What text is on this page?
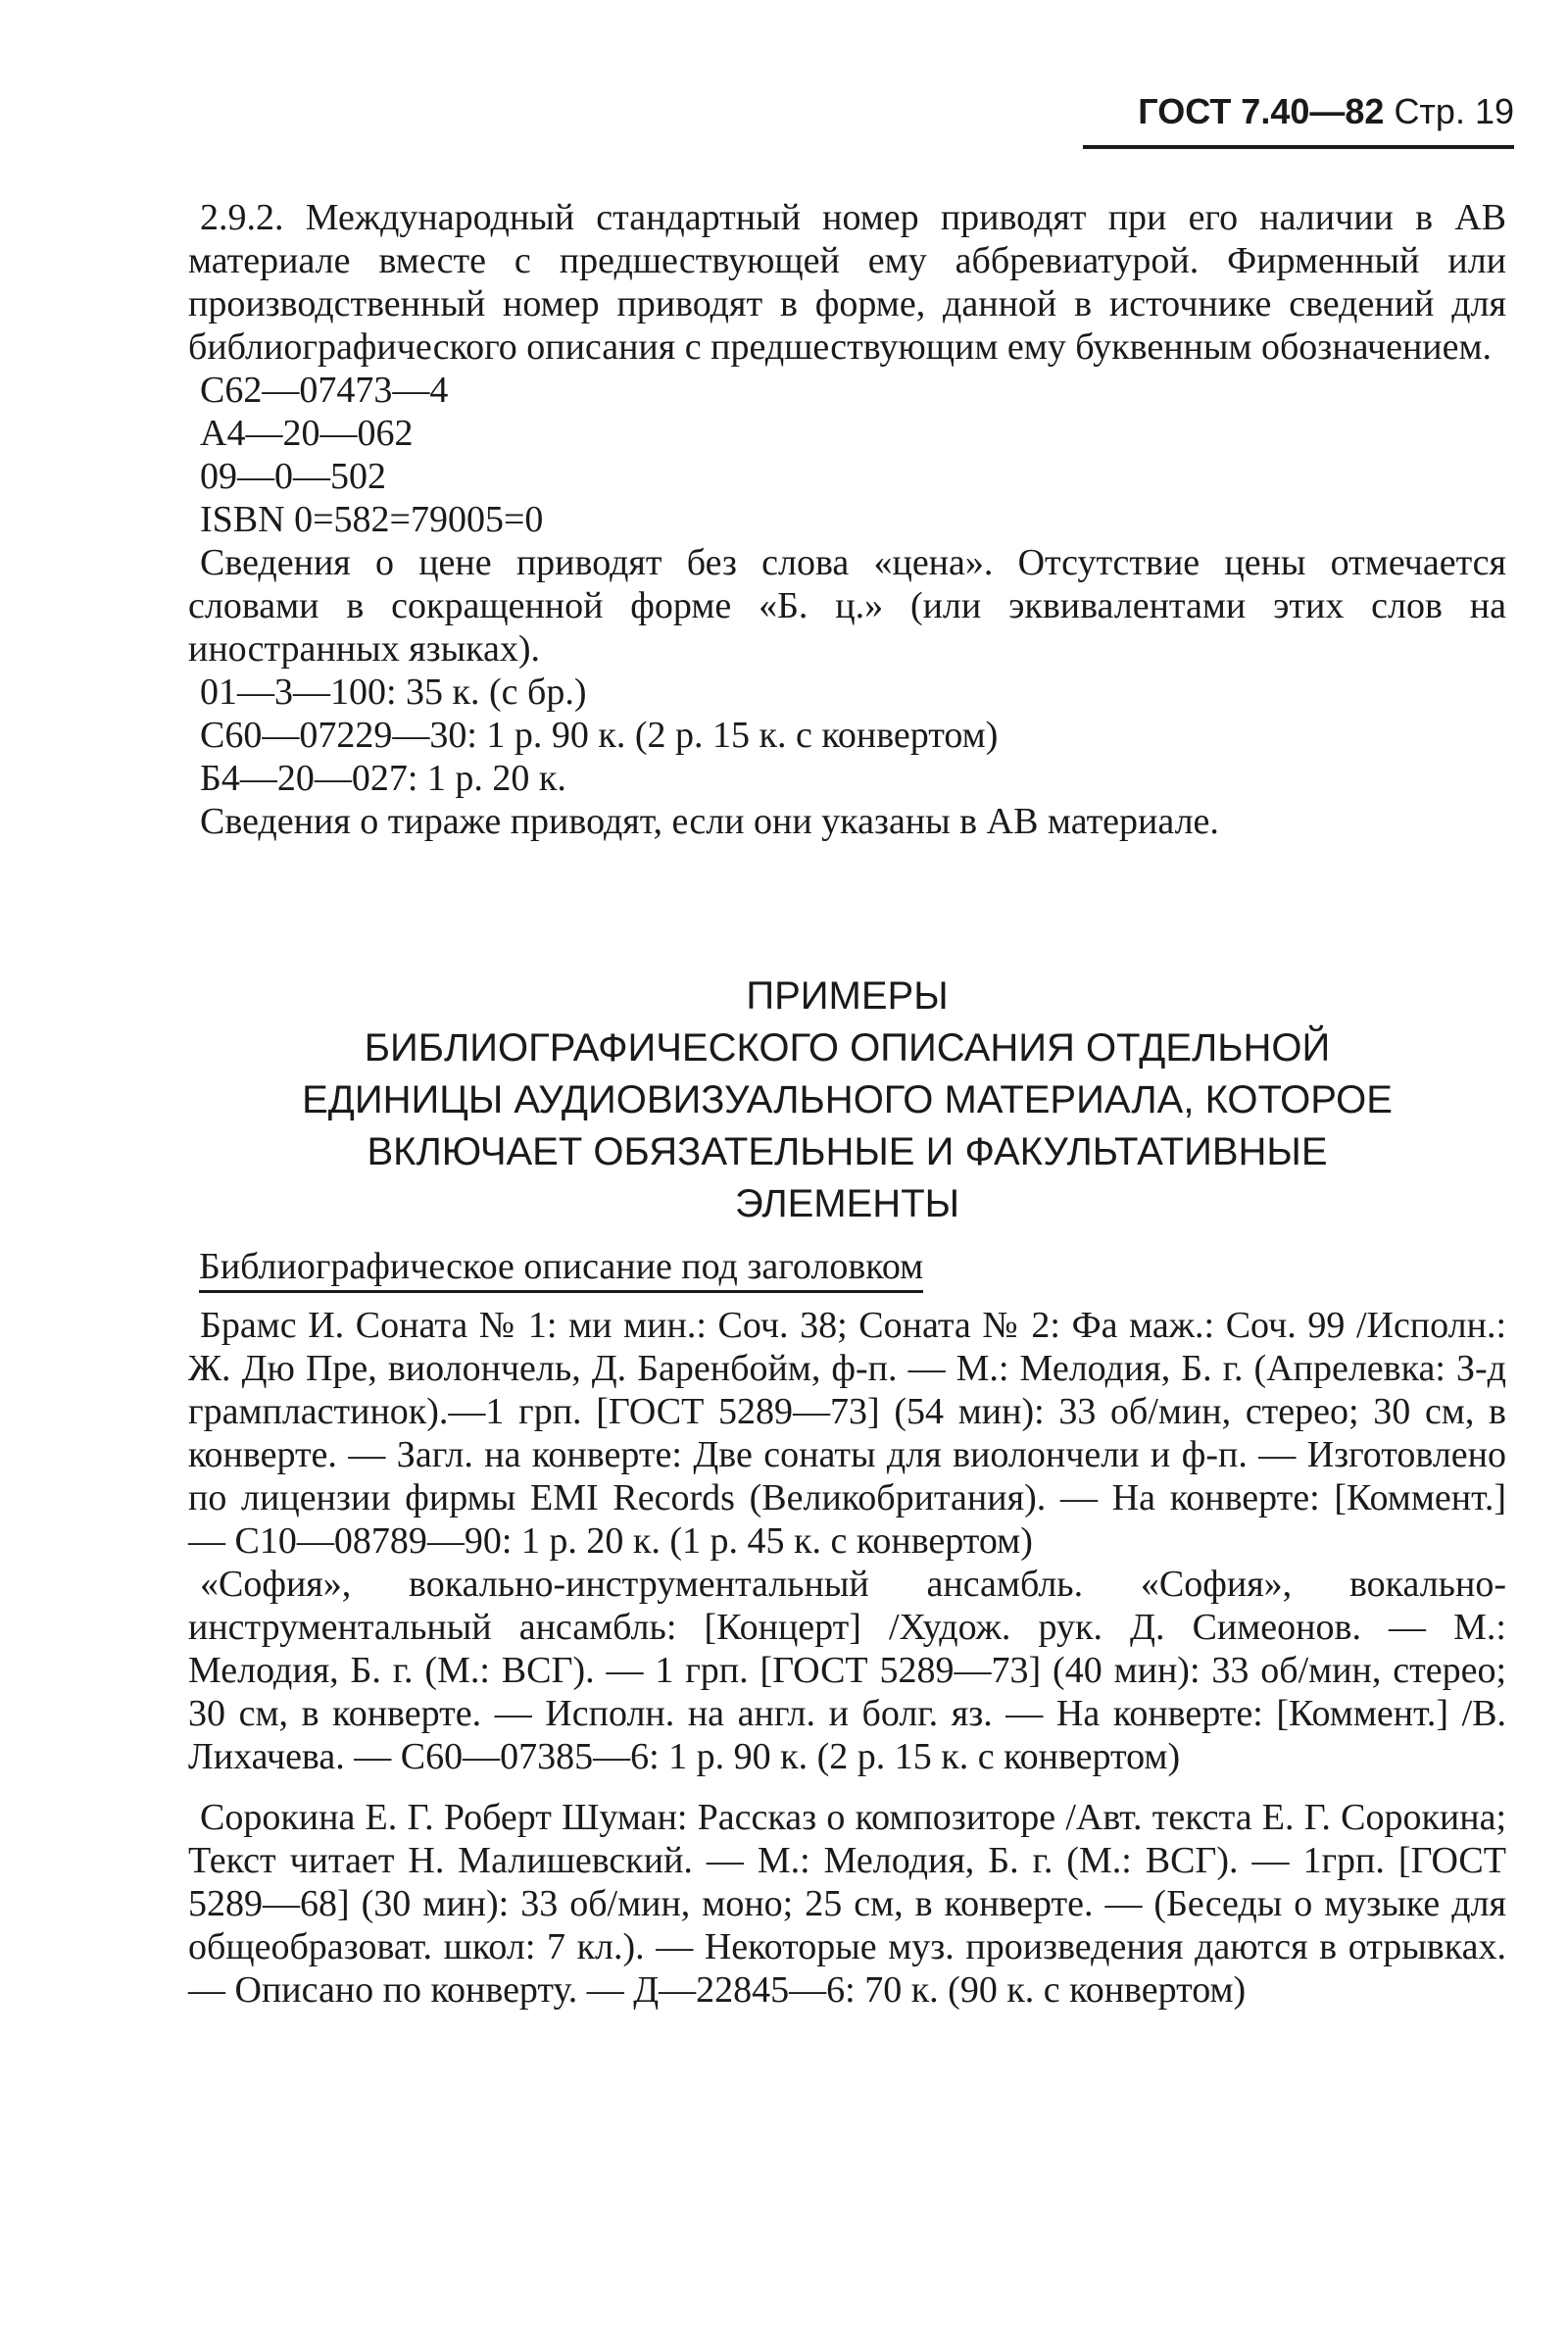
ГОСТ 7.40—82 Стр. 19

2.9.2. Международный стандартный номер приводят при его наличии в АВ материале вместе с предшествующей ему аббревиатурой. Фирменный или производственный номер приводят в форме, данной в источнике сведений для библиографического описания с предшествующим ему буквенным обозначением.

С62—07473—4

А4—20—062

09—0—502

ISBN 0=582=79005=0

Сведения о цене приводят без слова «цена». Отсутствие цены отмечается словами в сокращенной форме «Б. ц.» (или эквивалентами этих слов на иностранных языках).

01—3—100: 35 к. (с бр.)

С60—07229—30: 1 р. 90 к. (2 р. 15 к. с конвертом)

Б4—20—027: 1 р. 20 к.

Сведения о тираже приводят, если они указаны в АВ материале.

ПРИМЕРЫ
БИБЛИОГРАФИЧЕСКОГО ОПИСАНИЯ ОТДЕЛЬНОЙ
ЕДИНИЦЫ АУДИОВИЗУАЛЬНОГО МАТЕРИАЛА, КОТОРОЕ
ВКЛЮЧАЕТ ОБЯЗАТЕЛЬНЫЕ И ФАКУЛЬТАТИВНЫЕ
ЭЛЕМЕНТЫ
Библиографическое описание под заголовком

Брамс И. Соната № 1: ми мин.: Соч. 38; Соната № 2: Фа маж.: Соч. 99 /Исполн.: Ж. Дю Пре, виолончель, Д. Баренбойм, ф-п. — М.: Мелодия, Б. г. (Апрелевка: З-д грампластинок).—1 грп. [ГОСТ 5289—73] (54 мин): 33 об/мин, стерео; 30 см, в конверте. — Загл. на конверте: Две сонаты для виолончели и ф-п. — Изготовлено по лицензии фирмы EMI Records (Великобритания). — На конверте: [Коммент.] — С10—08789—90: 1 р. 20 к. (1 р. 45 к. с конвертом)

«София», вокально-инструментальный ансамбль. «София», вокально-инструментальный ансамбль: [Концерт] /Худож. рук. Д. Симеонов. — М.: Мелодия, Б. г. (М.: ВСГ). — 1 грп. [ГОСТ 5289—73] (40 мин): 33 об/мин, стерео; 30 см, в конверте. — Исполн. на англ. и болг. яз. — На конверте: [Коммент.] /В. Лихачева. — С60—07385—6: 1 р. 90 к. (2 р. 15 к. с конвертом)

Сорокина Е. Г. Роберт Шуман: Рассказ о композиторе /Авт. текста Е. Г. Сорокина; Текст читает Н. Малишевский. — М.: Мелодия, Б. г. (М.: ВСГ). — 1грп. [ГОСТ 5289—68] (30 мин): 33 об/мин, моно; 25 см, в конверте. — (Беседы о музыке для общеобразоват. школ: 7 кл.). — Некоторые муз. произведения даются в отрывках. — Описано по конверту. — Д—22845—6: 70 к. (90 к. с конвертом)
